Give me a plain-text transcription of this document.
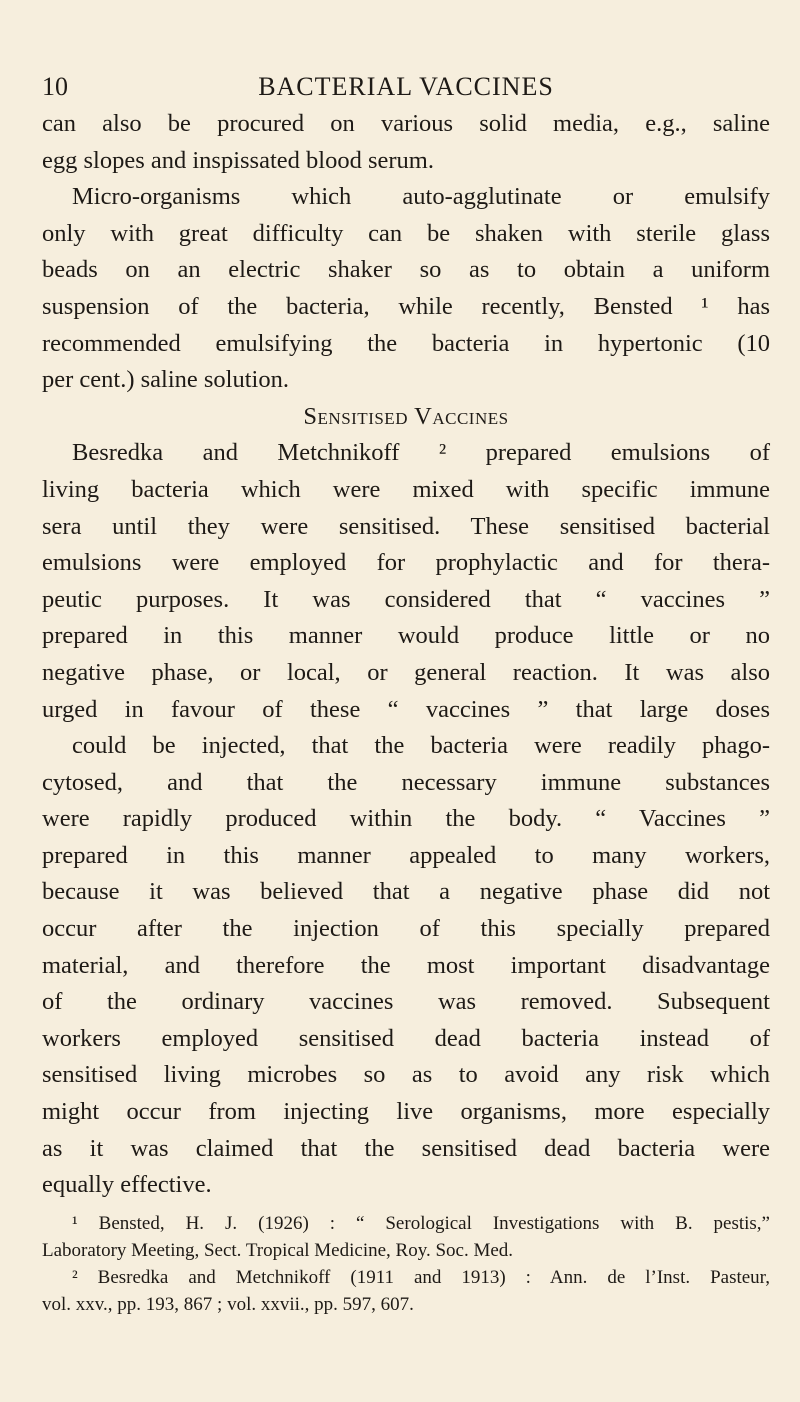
10	BACTERIAL VACCINES
can also be procured on various solid media, e.g., saline
egg slopes and inspissated blood serum.
Micro-organisms which auto-agglutinate or emulsify
only with great difficulty can be shaken with sterile glass
beads on an electric shaker so as to obtain a uniform
suspension of the bacteria, while recently, Bensted ¹ has
recommended emulsifying the bacteria in hypertonic (10
per cent.) saline solution.
Sensitised Vaccines
Besredka and Metchnikoff ² prepared emulsions of
living bacteria which were mixed with specific immune
sera until they were sensitised. These sensitised bacterial
emulsions were employed for prophylactic and for thera-
peutic purposes. It was considered that “ vaccines ”
prepared in this manner would produce little or no
negative phase, or local, or general reaction. It was also
urged in favour of these “ vaccines ” that large doses
could be injected, that the bacteria were readily phago-
cytosed, and that the necessary immune substances
were rapidly produced within the body. “ Vaccines ”
prepared in this manner appealed to many workers,
because it was believed that a negative phase did not
occur after the injection of this specially prepared
material, and therefore the most important disadvantage
of the ordinary vaccines was removed. Subsequent
workers employed sensitised dead bacteria instead of
sensitised living microbes so as to avoid any risk which
might occur from injecting live organisms, more especially
as it was claimed that the sensitised dead bacteria were
equally effective.
¹ Bensted, H. J. (1926) : “ Serological Investigations with B. pestis,”
Laboratory Meeting, Sect. Tropical Medicine, Roy. Soc. Med.
² Besredka and Metchnikoff (1911 and 1913) : Ann. de l’Inst. Pasteur,
vol. xxv., pp. 193, 867 ; vol. xxvii., pp. 597, 607.
